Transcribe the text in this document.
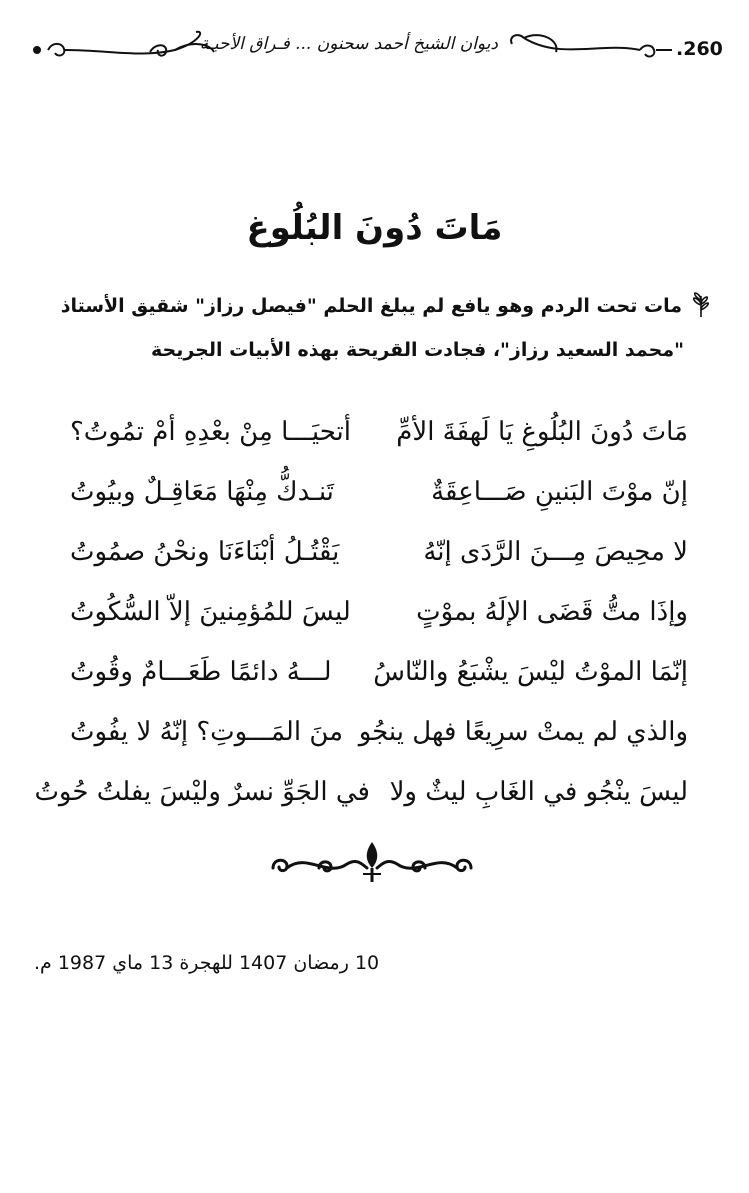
.260
ديوان الشيخ أحمد سحنون ... فـراق الأحبـة
مَاتَ دُونَ البُلُوغ
مات تحت الردم وهو يافع لم يبلغ الحلم "فيصل رزاز" شقيق الأستاذ
"محمد السعيد رزاز"، فجادت القريحة بهذه الأبيات الجريحة
مَاتَ دُونَ البُلُوغِ يَا لَهفَةَ الأمِّ
أتحيَـــا مِنْ بعْدِهِ أمْ تمُوتُ؟
إنّ موْتَ البَنينِ صَـــاعِقَةٌ
تَنـدكُّ مِنْهَا مَعَاقِـلٌ وبيُوتُ
لا محِيصَ مِـــنَ الرَّدَى إنّهُ
يَقْتُـلُ أبْنَاءَنَا ونحْنُ صمُوتُ
وإذَا متُّ قَضَى الإلَهُ بموْتٍ
ليسَ للمُؤمِنينَ إلاّ السُّكُوتُ
إنّمَا الموْتُ ليْسَ يشْبَعُ والنّاسُ
لـــهُ دائمًا طَعَـــامٌ وقُوتُ
والذي لم يمتْ سرِيعًا فهل ينجُو
منَ المَـــوتِ؟ إنّهُ لا يفُوتُ
ليسَ ينْجُو في الغَابِ ليثٌ ولا
في الجَوِّ نسرٌ وليْسَ يفلتُ حُوتُ
10 رمضان 1407 للهجرة 13 ماي 1987 م.
